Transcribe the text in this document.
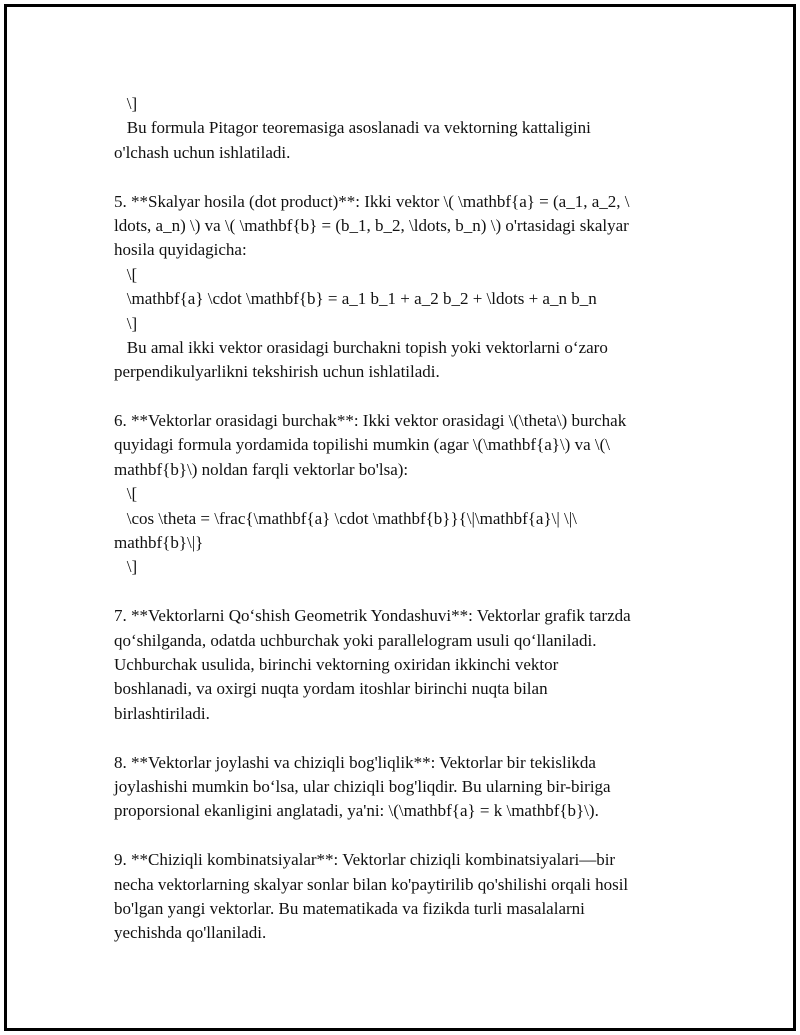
\]

Bu formula Pitagor teoremasiga asoslanadi va vektorning kattaligini

o'lchash uchun ishlatiladi.

5. **Skalyar hosila (dot product)**: Ikki vektor \( \mathbf{a} = (a_1, a_2, \

ldots, a_n) \) va \( \mathbf{b} = (b_1, b_2, \ldots, b_n) \) o'rtasidagi skalyar

hosila quyidagicha:

\[

\mathbf{a} \cdot \mathbf{b} = a_1 b_1 + a_2 b_2 + \ldots + a_n b_n

\]

Bu amal ikki vektor orasidagi burchakni topish yoki vektorlarni o‘zaro

perpendikulyarlikni tekshirish uchun ishlatiladi.

6. **Vektorlar orasidagi burchak**: Ikki vektor orasidagi \(\theta\) burchak

quyidagi formula yordamida topilishi mumkin (agar \(\mathbf{a}\) va \(\

mathbf{b}\) noldan farqli vektorlar bo'lsa):

\[

\cos \theta = \frac{\mathbf{a} \cdot \mathbf{b}}{\|\mathbf{a}\| \|\

mathbf{b}\|}

\]

7. **Vektorlarni Qo‘shish Geometrik Yondashuvi**: Vektorlar grafik tarzda

qo‘shilganda, odatda uchburchak yoki parallelogram usuli qo‘llaniladi.

Uchburchak usulida, birinchi vektorning oxiridan ikkinchi vektor

boshlanadi, va oxirgi nuqta yordam itoshlar birinchi nuqta bilan

birlashtiriladi.

8. **Vektorlar joylashi va chiziqli bog'liqlik**: Vektorlar bir tekislikda

joylashishi mumkin bo‘lsa, ular chiziqli bog'liqdir. Bu ularning bir-biriga

proporsional ekanligini anglatadi, ya'ni: \(\mathbf{a} = k \mathbf{b}\).

9. **Chiziqli kombinatsiyalar**: Vektorlar chiziqli kombinatsiyalari—bir

necha vektorlarning skalyar sonlar bilan ko'paytirilib qo'shilishi orqali hosil

bo'lgan yangi vektorlar. Bu matematikada va fizikda turli masalalarni

yechishda qo'llaniladi.
